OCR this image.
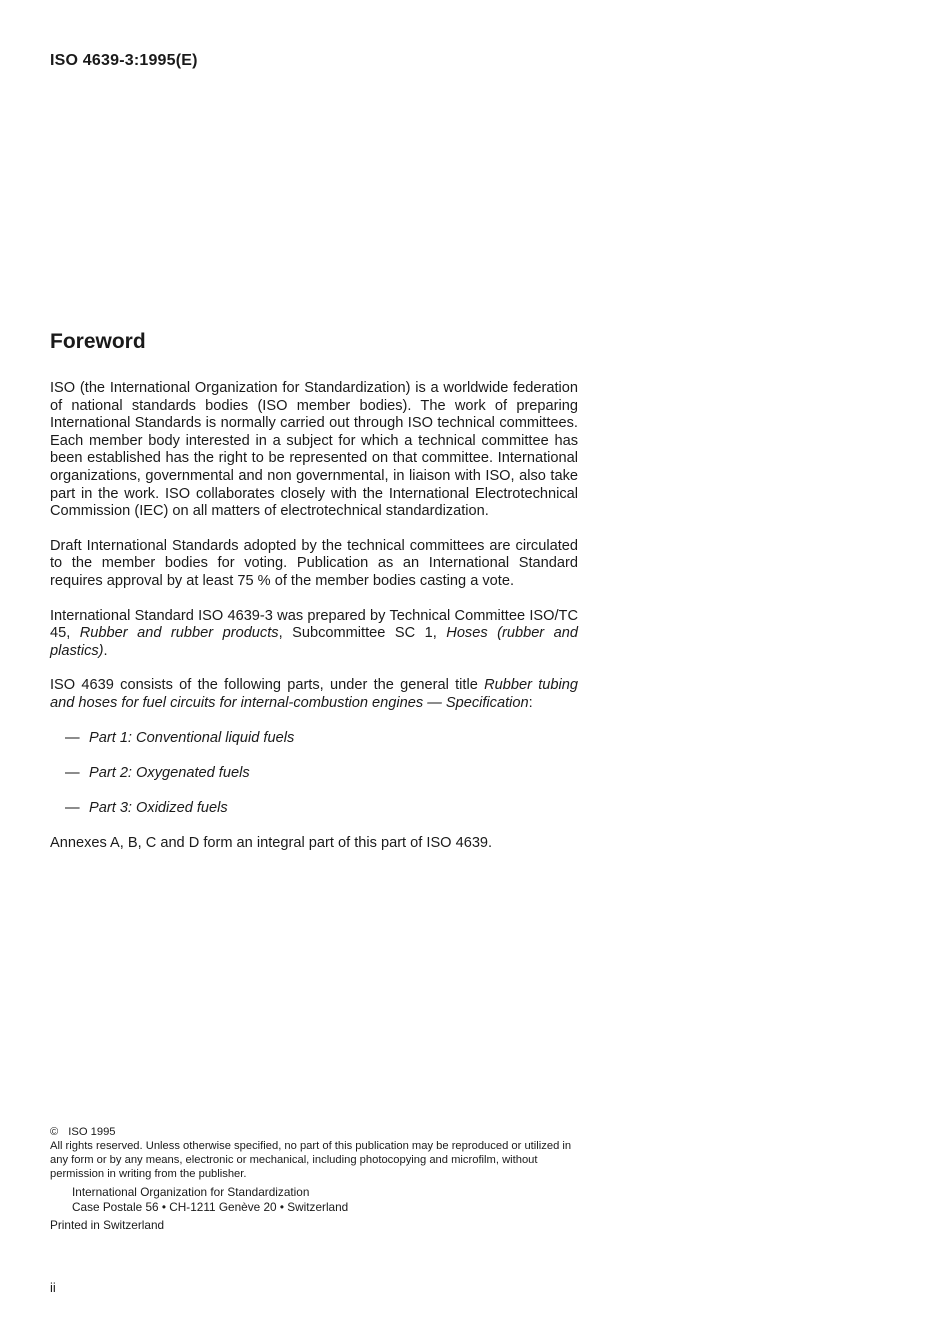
ISO 4639-3:1995(E)
Foreword

ISO (the International Organization for Standardization) is a worldwide federation of national standards bodies (ISO member bodies). The work of preparing International Standards is normally carried out through ISO technical committees. Each member body interested in a subject for which a technical committee has been established has the right to be represented on that committee. International organizations, governmental and non governmental, in liaison with ISO, also take part in the work. ISO collaborates closely with the International Electrotechnical Commission (IEC) on all matters of electrotechnical standardization.

Draft International Standards adopted by the technical committees are circulated to the member bodies for voting. Publication as an International Standard requires approval by at least 75 % of the member bodies casting a vote.

International Standard ISO 4639-3 was prepared by Technical Committee ISO/TC 45, Rubber and rubber products, Subcommittee SC 1, Hoses (rubber and plastics).

ISO 4639 consists of the following parts, under the general title Rubber tubing and hoses for fuel circuits for internal-combustion engines — Specification:

— Part 1: Conventional liquid fuels
— Part 2: Oxygenated fuels
— Part 3: Oxidized fuels

Annexes A, B, C and D form an integral part of this part of ISO 4639.

© ISO 1995

All rights reserved. Unless otherwise specified, no part of this publication may be reproduced or utilized in any form or by any means, electronic or mechanical, including photocopying and microfilm, without permission in writing from the publisher.

International Organization for Standardization

Case Postale 56 • CH-1211 Genève 20 • Switzerland

Printed in Switzerland

ii
